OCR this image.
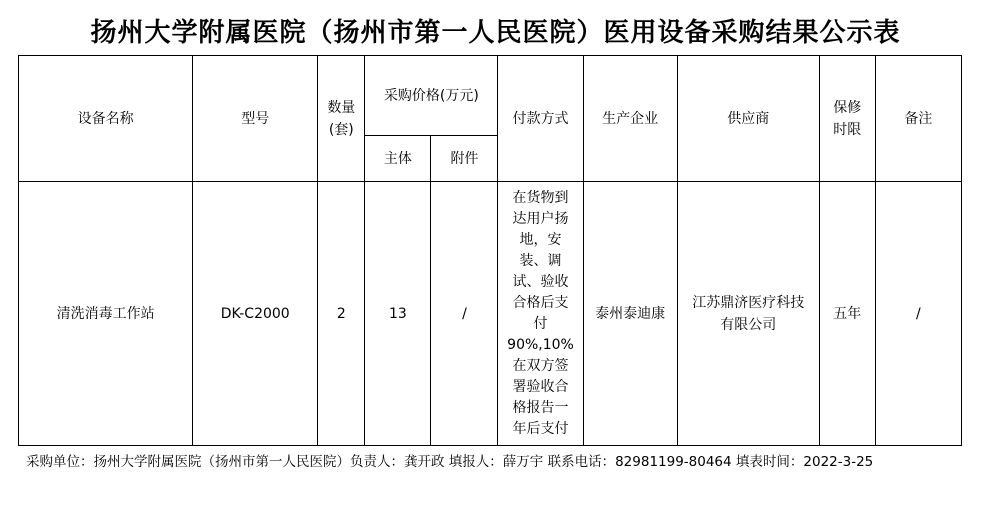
扬州大学附属医院（扬州市第一人民医院）医用设备采购结果公示表
设备名称	型号	数量(套)	采购价格(万元)		付款方式	生产企业	供应商	保修时限	备注
			主体	附件					
清洗消毒工作站	DK-C2000	2	13	/	在货物到达用户扬地，安装、调试、验收合格后支付 90%,10%在双方签署验收合格报告一年后支付	泰州泰迪康	江苏鼎济医疗科技有限公司	五年	/
采购单位：扬州大学附属医院（扬州市第一人民医院）负责人：龚开政 填报人：薛万宇 联系电话：82981199-80464 填表时间：2022-3-25
